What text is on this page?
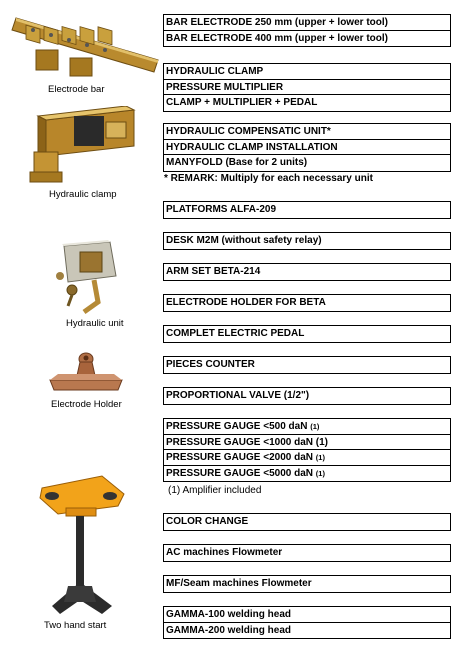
Electrode bar
Hydraulic clamp
Hydraulic unit
Electrode Holder
Two hand start
BAR ELECTRODE 250 mm (upper + lower tool)
BAR ELECTRODE 400 mm (upper + lower tool)
HYDRAULIC CLAMP
PRESSURE MULTIPLIER
CLAMP + MULTIPLIER + PEDAL
HYDRAULIC COMPENSATIC UNIT*
HYDRAULIC CLAMP INSTALLATION
MANYFOLD (Base for 2 units)
* REMARK: Multiply for each necessary unit
PLATFORMS ALFA-209
DESK M2M (without safety relay)
ARM SET BETA-214
ELECTRODE HOLDER FOR BETA
COMPLET ELECTRIC PEDAL
PIECES COUNTER
PROPORTIONAL VALVE (1/2")
PRESSURE GAUGE <500 daN (1)
PRESSURE GAUGE <1000 daN (1)
PRESSURE GAUGE <2000 daN (1)
PRESSURE GAUGE <5000 daN (1)
(1) Amplifier included
COLOR CHANGE
AC machines Flowmeter
MF/Seam machines Flowmeter
GAMMA-100 welding head
GAMMA-200 welding head
